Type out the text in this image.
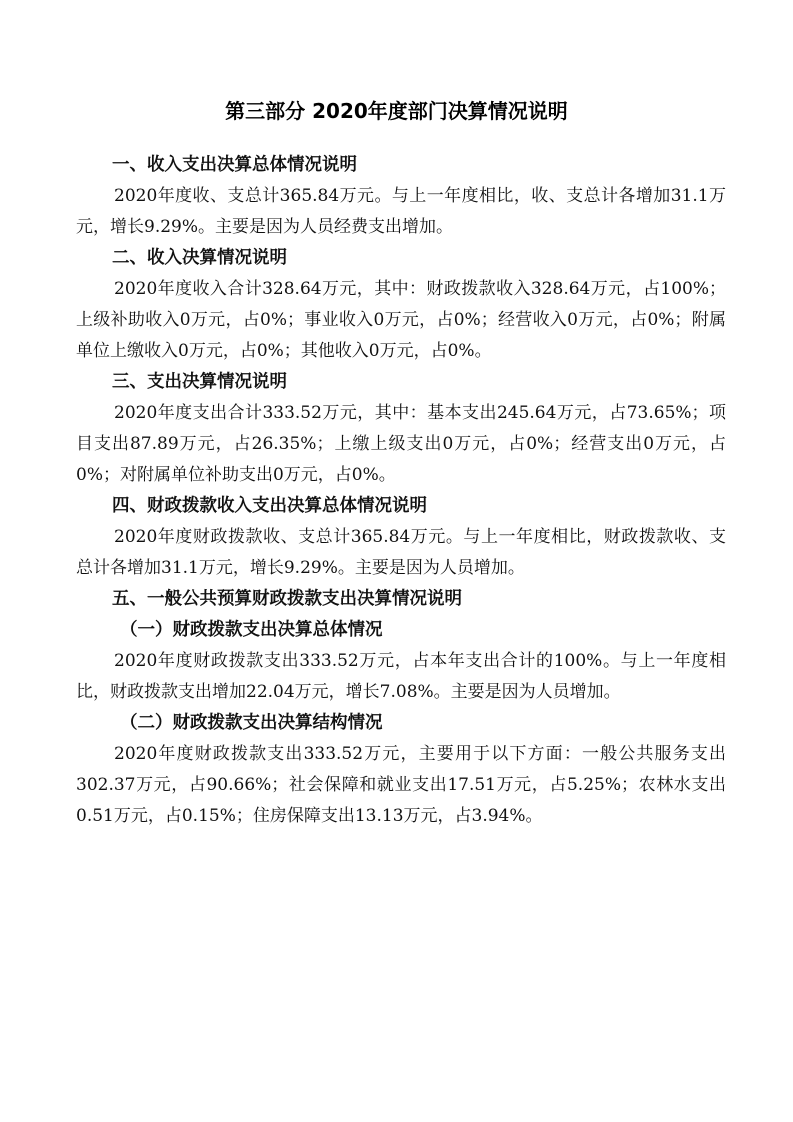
第三部分 2020年度部门决算情况说明
一、收入支出决算总体情况说明
2020年度收、支总计365.84万元。与上一年度相比，收、支总计各增加31.1万元，增长9.29%。主要是因为人员经费支出增加。
二、收入决算情况说明
2020年度收入合计328.64万元，其中：财政拨款收入328.64万元，占100%；上级补助收入0万元，占0%；事业收入0万元，占0%；经营收入0万元，占0%；附属单位上缴收入0万元，占0%；其他收入0万元，占0%。
三、支出决算情况说明
2020年度支出合计333.52万元，其中：基本支出245.64万元，占73.65%；项目支出87.89万元，占26.35%；上缴上级支出0万元，占0%；经营支出0万元，占0%；对附属单位补助支出0万元，占0%。
四、财政拨款收入支出决算总体情况说明
2020年度财政拨款收、支总计365.84万元。与上一年度相比，财政拨款收、支总计各增加31.1万元，增长9.29%。主要是因为人员增加。
五、一般公共预算财政拨款支出决算情况说明
（一）财政拨款支出决算总体情况
2020年度财政拨款支出333.52万元，占本年支出合计的100%。与上一年度相比，财政拨款支出增加22.04万元，增长7.08%。主要是因为人员增加。
（二）财政拨款支出决算结构情况
2020年度财政拨款支出333.52万元，主要用于以下方面：一般公共服务支出302.37万元，占90.66%；社会保障和就业支出17.51万元，占5.25%；农林水支出0.51万元，占0.15%；住房保障支出13.13万元，占3.94%。
